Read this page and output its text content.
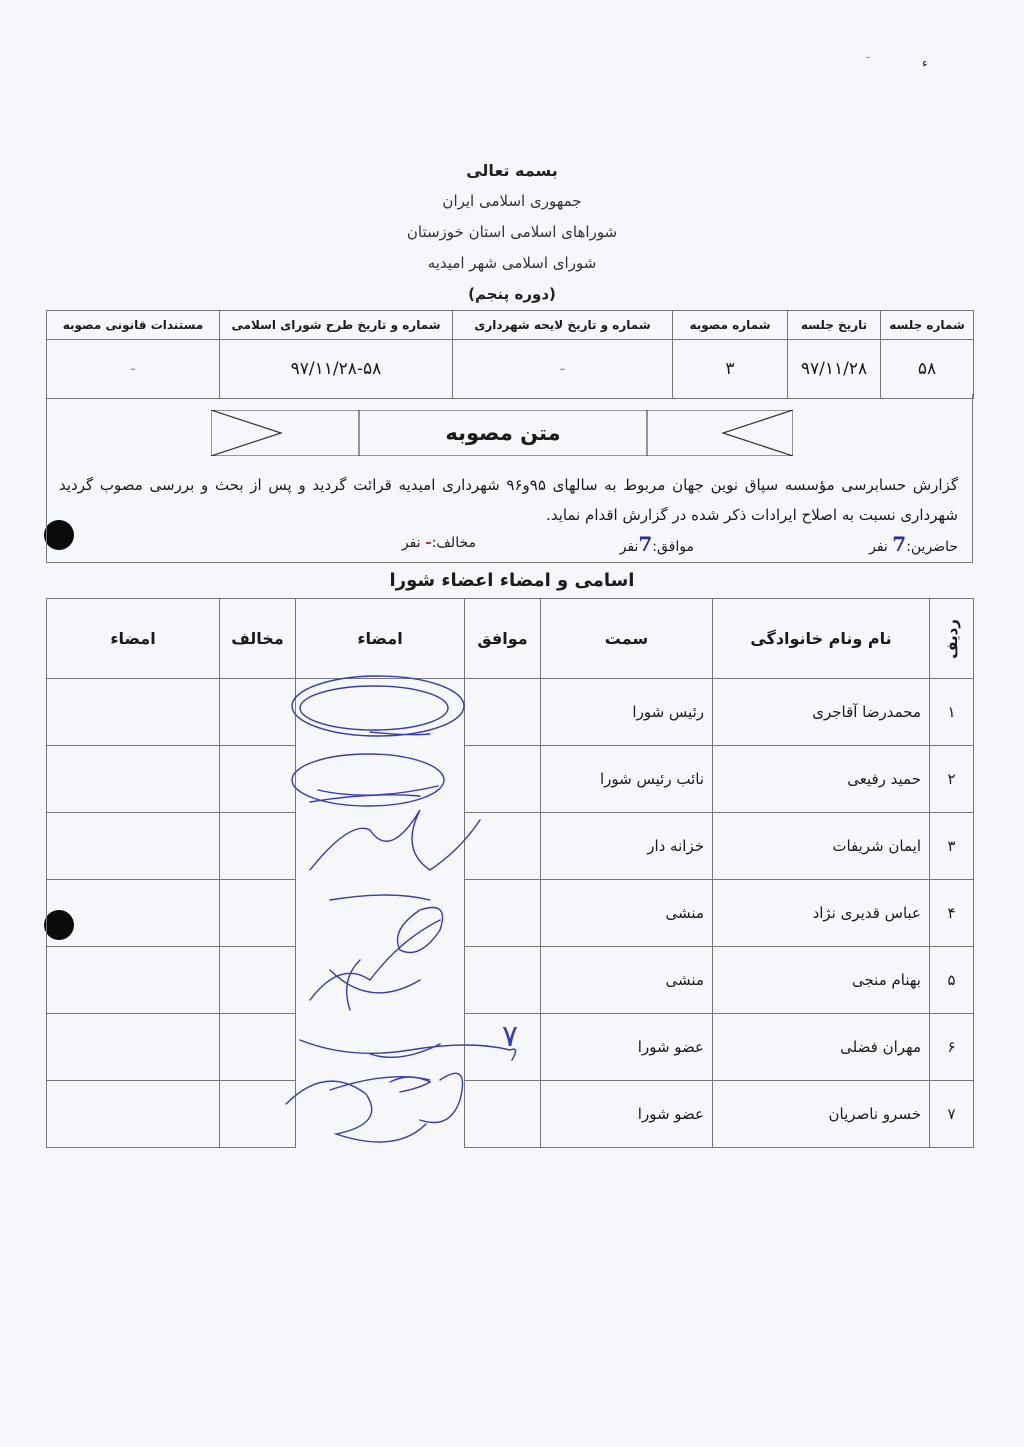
ء
بسمه تعالی
جمهوری اسلامی ایران
شوراهای اسلامی استان خوزستان
شورای اسلامی شهر امیدیه
(دوره پنجم)
شماره جلسه	تاریخ جلسه	شماره مصوبه	شماره و تاریخ لایحه شهرداری	شماره و تاریخ طرح شورای اسلامی	مستندات قانونی مصوبه
۵۸	۹۷/۱۱/۲۸	۳	-	۹۷/۱۱/۲۸-۵۸	-
متن مصوبه
گزارش حسابرسی مؤسسه سپاق نوین جهان مربوط به سالهای ۹۵و۹۶ شهرداری امیدیه قرائت گردید و پس از بحث و بررسی مصوب گردید شهرداری نسبت به اصلاح ایرادات ذکر شده در گزارش اقدام نماید.
حاضرین:7 نفر
موافق:7نفر
مخالف:- نفر
اسامی و امضاء اعضاء شورا
ردیف	نام ونام خانوادگی	سمت	موافق	امضاء	مخالف	امضاء
۱	محمدرضا آقاجری	رئیس شورا				
۲	حمید رفیعی	نائب رئیس شورا				
۳	ایمان شریفات	خزانه دار				
۴	عباس قدیری نژاد	منشی				
۵	بهنام منجی	منشی				
۶	مهران فضلی	عضو شورا				
۷	خسرو ناصریان	عضو شورا				
۷
